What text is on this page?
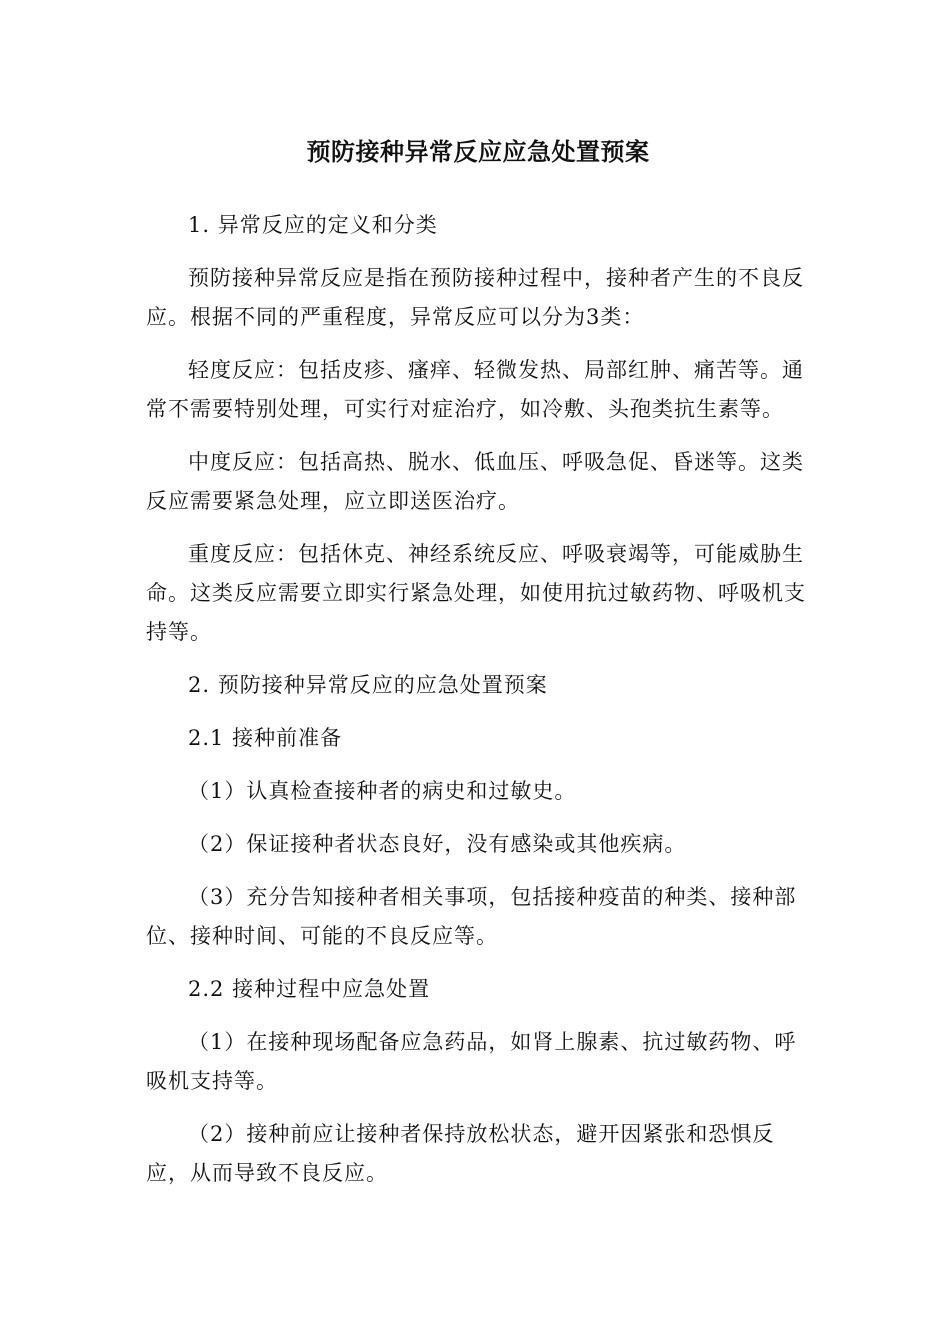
预防接种异常反应应急处置预案

1. 异常反应的定义和分类

预防接种异常反应是指在预防接种过程中，接种者产生的不良反应。根据不同的严重程度，异常反应可以分为3类：

轻度反应：包括皮疹、瘙痒、轻微发热、局部红肿、痛苦等。通常不需要特别处理，可实行对症治疗，如冷敷、头孢类抗生素等。

中度反应：包括高热、脱水、低血压、呼吸急促、昏迷等。这类反应需要紧急处理，应立即送医治疗。

重度反应：包括休克、神经系统反应、呼吸衰竭等，可能威胁生命。这类反应需要立即实行紧急处理，如使用抗过敏药物、呼吸机支持等。

2. 预防接种异常反应的应急处置预案

2.1 接种前准备

（1）认真检查接种者的病史和过敏史。

（2）保证接种者状态良好，没有感染或其他疾病。

（3）充分告知接种者相关事项，包括接种疫苗的种类、接种部位、接种时间、可能的不良反应等。

2.2 接种过程中应急处置

（1）在接种现场配备应急药品，如肾上腺素、抗过敏药物、呼吸机支持等。

（2）接种前应让接种者保持放松状态，避开因紧张和恐惧反应，从而导致不良反应。
